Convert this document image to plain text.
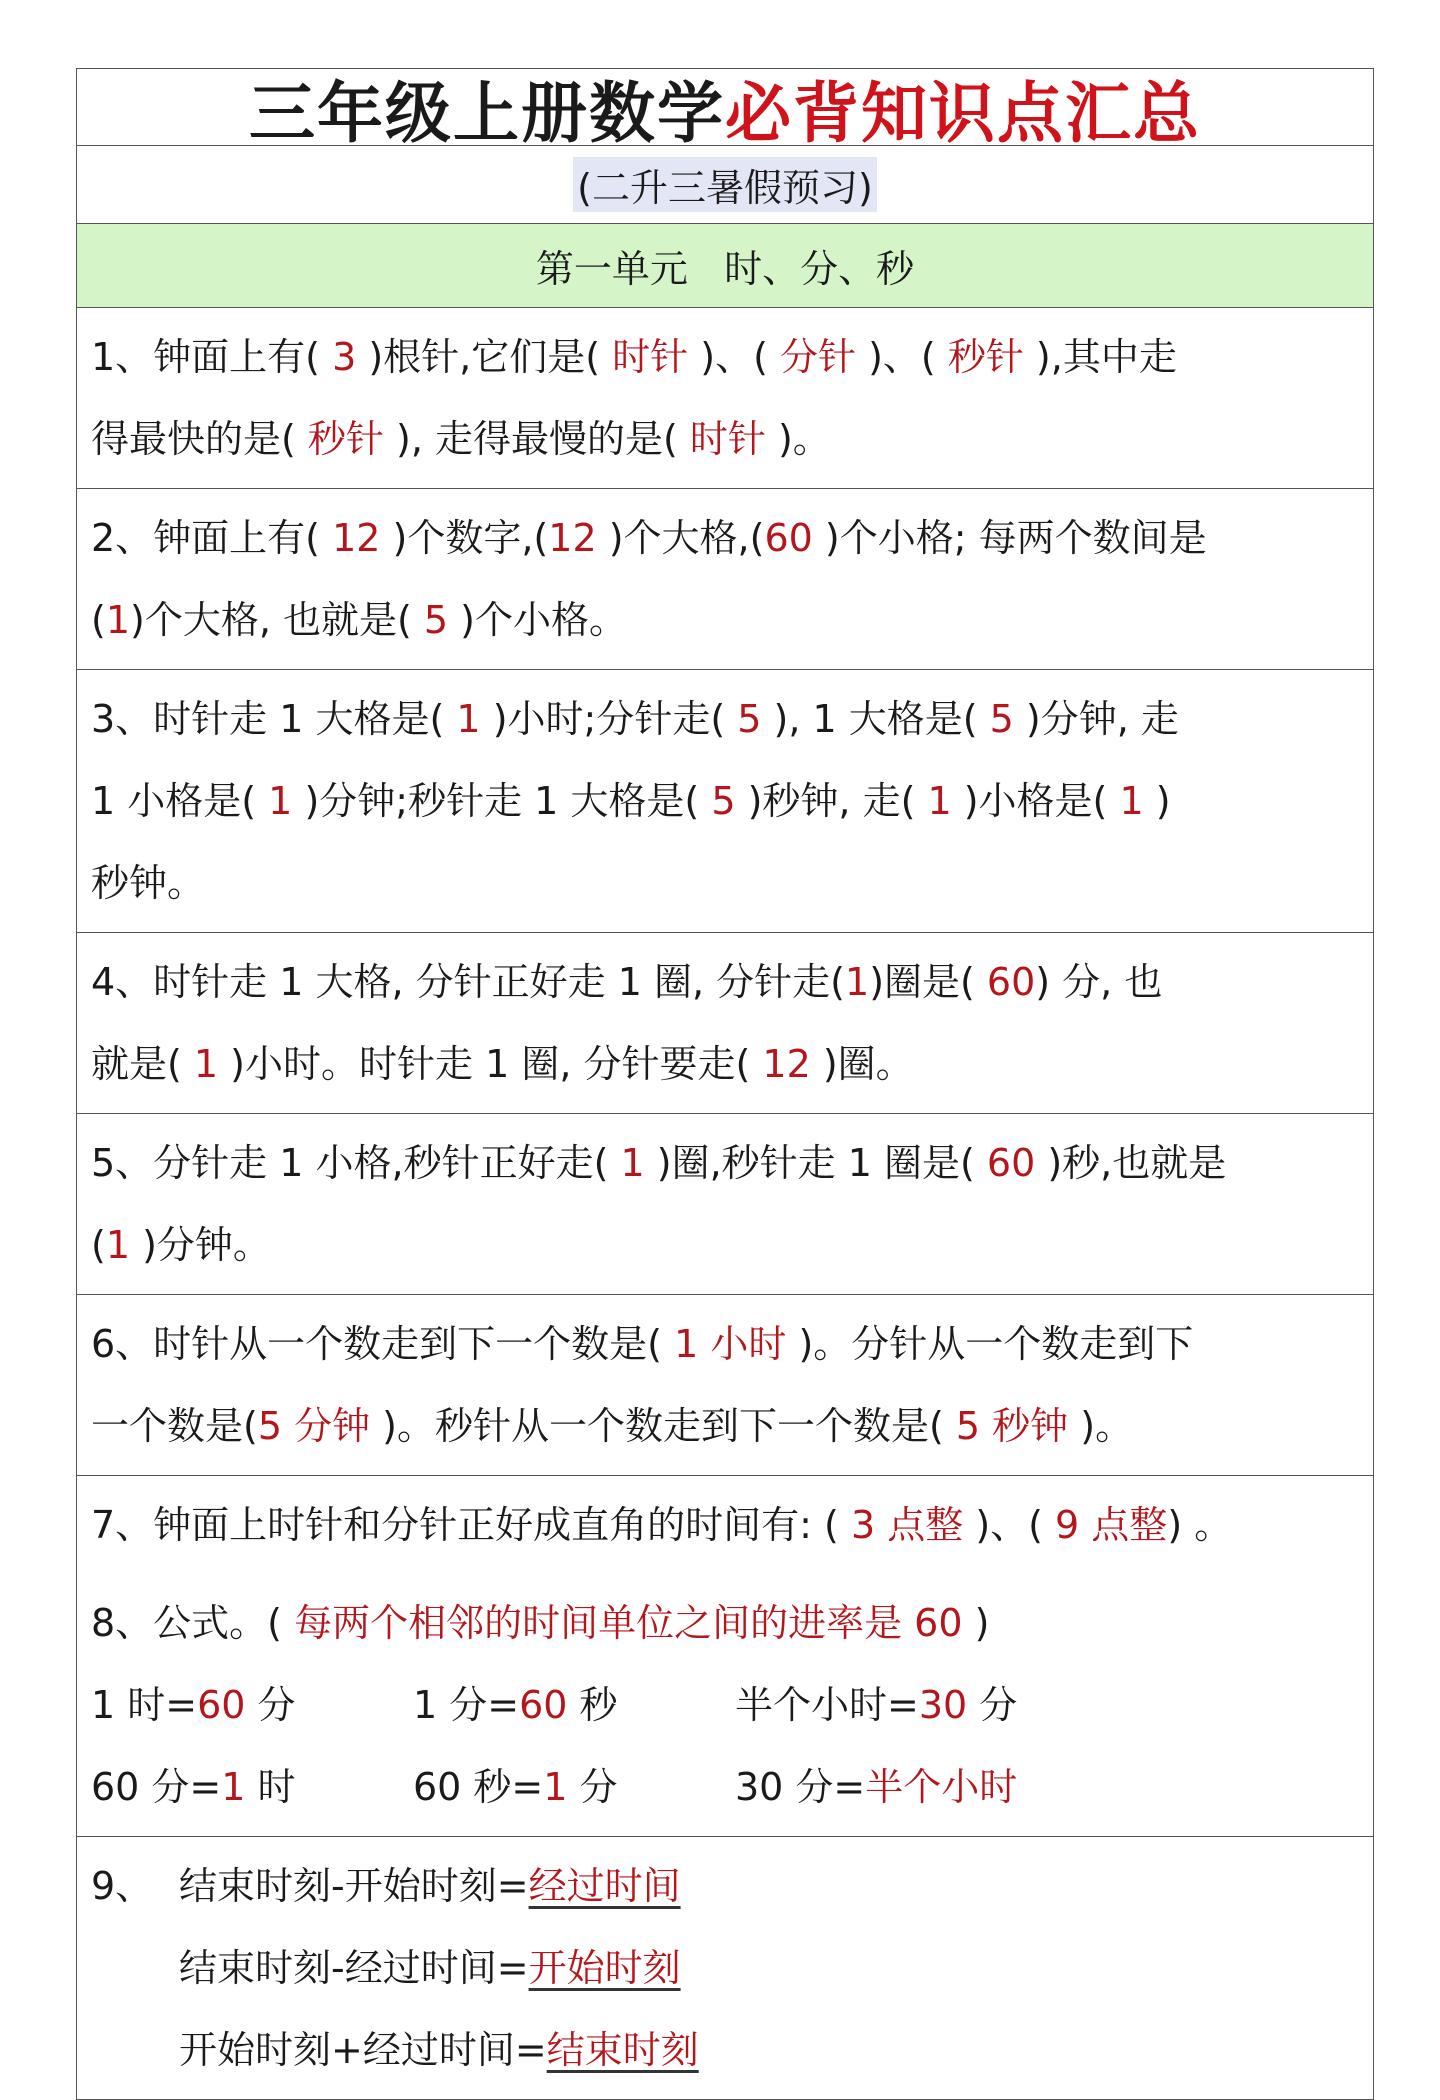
三年级上册数学必背知识点汇总
(二升三暑假预习)
第一单元   时、分、秒
1、钟面上有( 3 )根针,它们是( 时针 )、( 分针 )、( 秒针 ),其中走
得最快的是( 秒针 ), 走得最慢的是( 时针 )。
2、钟面上有( 12 )个数字,(12 )个大格,(60 )个小格; 每两个数间是
(1)个大格, 也就是( 5 )个小格。
3、时针走 1 大格是( 1 )小时;分针走( 5 ), 1 大格是( 5 )分钟, 走
1 小格是( 1 )分钟;秒针走 1 大格是( 5 )秒钟, 走( 1 )小格是( 1 )
秒钟。
4、时针走 1 大格, 分针正好走 1 圈, 分针走(1)圈是( 60) 分, 也
就是( 1 )小时。时针走 1 圈, 分针要走( 12 )圈。
5、分针走 1 小格,秒针正好走( 1 )圈,秒针走 1 圈是( 60 )秒,也就是
(1 )分钟。
6、时针从一个数走到下一个数是( 1 小时 )。分针从一个数走到下
一个数是(5 分钟 )。秒针从一个数走到下一个数是( 5 秒钟 )。
7、钟面上时针和分针正好成直角的时间有: ( 3 点整 )、( 9 点整) 。
8、公式。( 每两个相邻的时间单位之间的进率是 60 )
1 时=60 分	1 分=60 秒	半个小时=30 分
60 分=1 时	60 秒=1 分	30 分=半个小时
9、 结束时刻-开始时刻=经过时间
结束时刻-经过时间=开始时刻
开始时刻+经过时间=结束时刻
